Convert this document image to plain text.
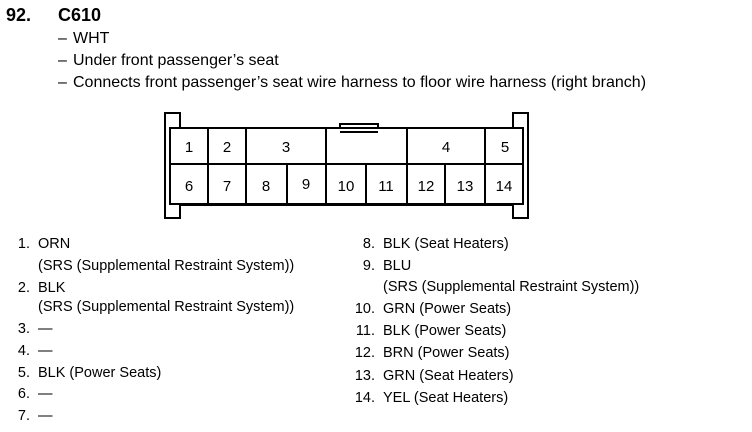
92. C610
– WHT
– Under front passenger’s seat
– Connects front passenger’s seat wire harness to floor wire harness (right branch)
1 2	3	4	5
6 7 8 9 10 11 12 13 14
1. ORN
(SRS (Supplemental Restraint System))
2. BLK
(SRS (Supplemental Restraint System))
3. —
4. —
5. BLK (Power Seats)
6. —
7. —
8. BLK (Seat Heaters)
9. BLU
(SRS (Supplemental Restraint System))
10. GRN (Power Seats)
11. BLK (Power Seats)
12. BRN (Power Seats)
13. GRN (Seat Heaters)
14. YEL (Seat Heaters)
